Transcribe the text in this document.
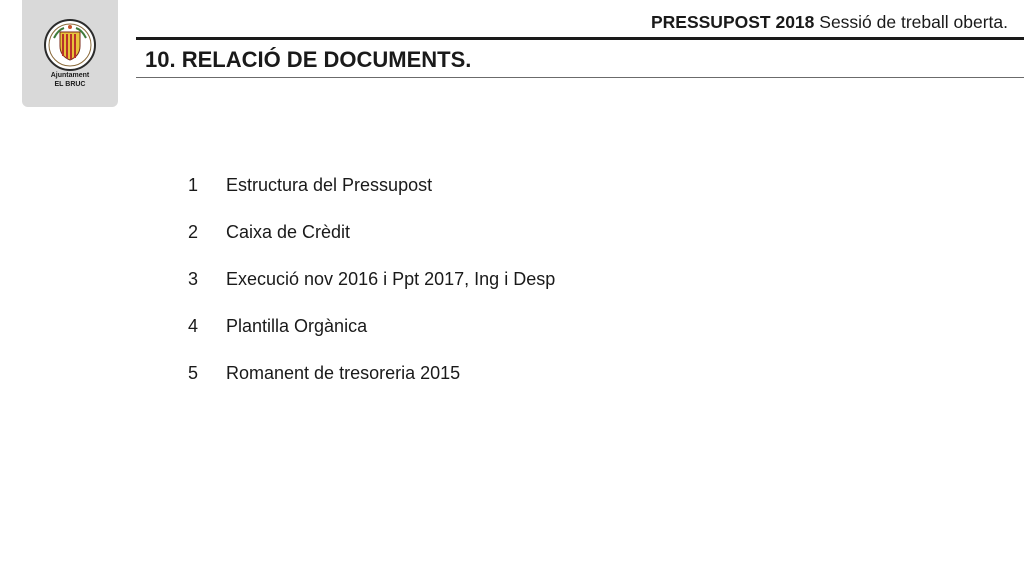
Ajuntament
EL BRUC
PRESSUPOST 2018 Sessió de treball oberta.
10. RELACIÓ DE DOCUMENTS.
1	Estructura del Pressupost
2	Caixa de Crèdit
3	Execució nov 2016 i Ppt 2017, Ing i Desp
4	Plantilla Orgànica
5	Romanent de tresoreria 2015
